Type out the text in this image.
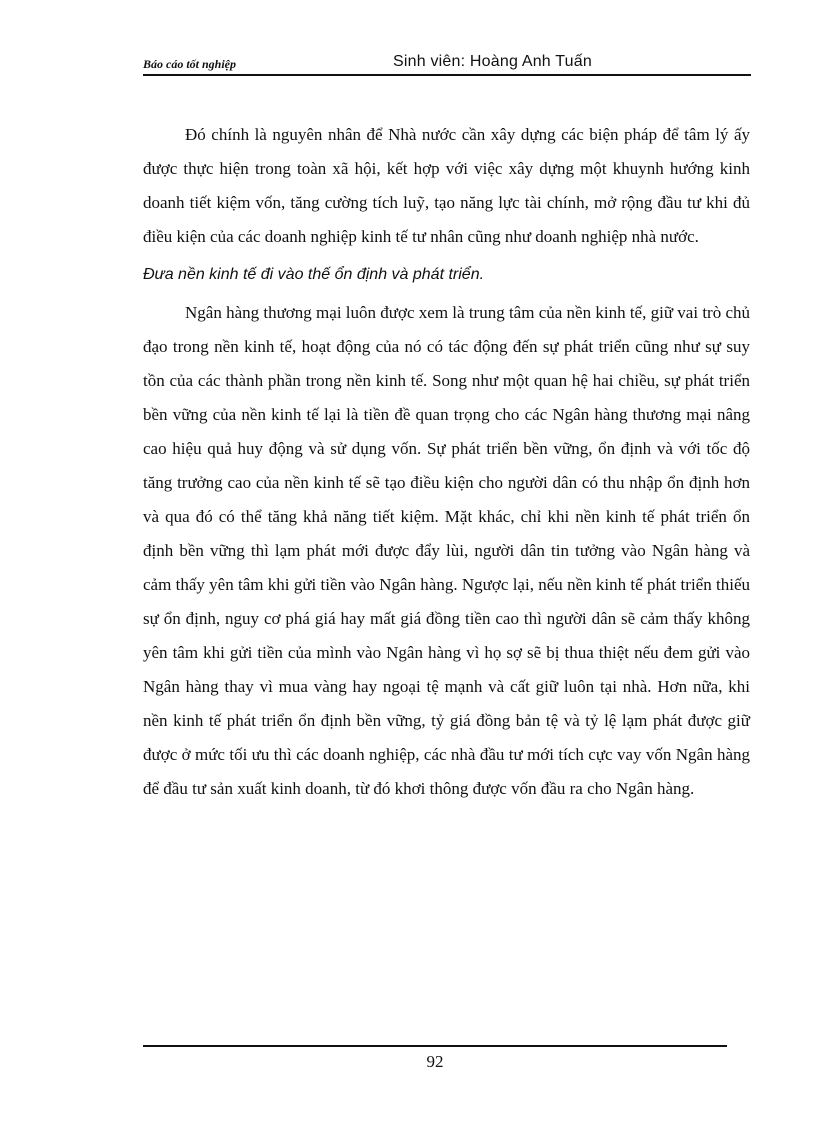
Báo cáo tốt nghiệp	Sinh viên: Hoàng Anh Tuấn

Đó chính là nguyên nhân để Nhà nước cần xây dựng các biện pháp để tâm lý ấy được thực hiện trong toàn xã hội, kết hợp với việc xây dựng một khuynh hướng kinh doanh tiết kiệm vốn, tăng cường tích luỹ, tạo năng lực tài chính, mở rộng đầu tư khi đủ điều kiện của các doanh nghiệp kinh tế tư nhân cũng như doanh nghiệp nhà nước.

Đưa nền kinh tế đi vào thế ổn định và phát triển.

Ngân hàng thương mại luôn được xem là trung tâm của nền kinh tế, giữ vai trò chủ đạo trong nền kinh tế, hoạt động của nó có tác động đến sự phát triển cũng như sự suy tồn của các thành phần trong nền kinh tế. Song như một quan hệ hai chiều, sự phát triển bền vững của nền kinh tế lại là tiền đề quan trọng cho các Ngân hàng thương mại nâng cao hiệu quả huy động và sử dụng vốn. Sự phát triển bền vững, ổn định và với tốc độ tăng trưởng cao của nền kinh tế sẽ tạo điều kiện cho người dân có thu nhập ổn định hơn và qua đó có thể tăng khả năng tiết kiệm. Mặt khác, chỉ khi nền kinh tế phát triển ổn định bền vững thì lạm phát mới được đẩy lùi, người dân tin tưởng vào Ngân hàng và cảm thấy yên tâm khi gửi tiền vào Ngân hàng. Ngược lại, nếu nền kinh tế phát triển thiếu sự ổn định, nguy cơ phá giá hay mất giá đồng tiền cao thì người dân sẽ cảm thấy không yên tâm khi gửi tiền của mình vào Ngân hàng vì họ sợ sẽ bị thua thiệt nếu đem gửi vào Ngân hàng thay vì mua vàng hay ngoại tệ mạnh và cất giữ luôn tại nhà. Hơn nữa, khi nền kinh tế phát triển ổn định bền vững, tỷ giá đồng bản tệ và tỷ lệ lạm phát được giữ được ở mức tối ưu thì các doanh nghiệp, các nhà đầu tư mới tích cực vay vốn Ngân hàng để đầu tư sản xuất kinh doanh, từ đó khơi thông được vốn đầu ra cho Ngân hàng.

92
